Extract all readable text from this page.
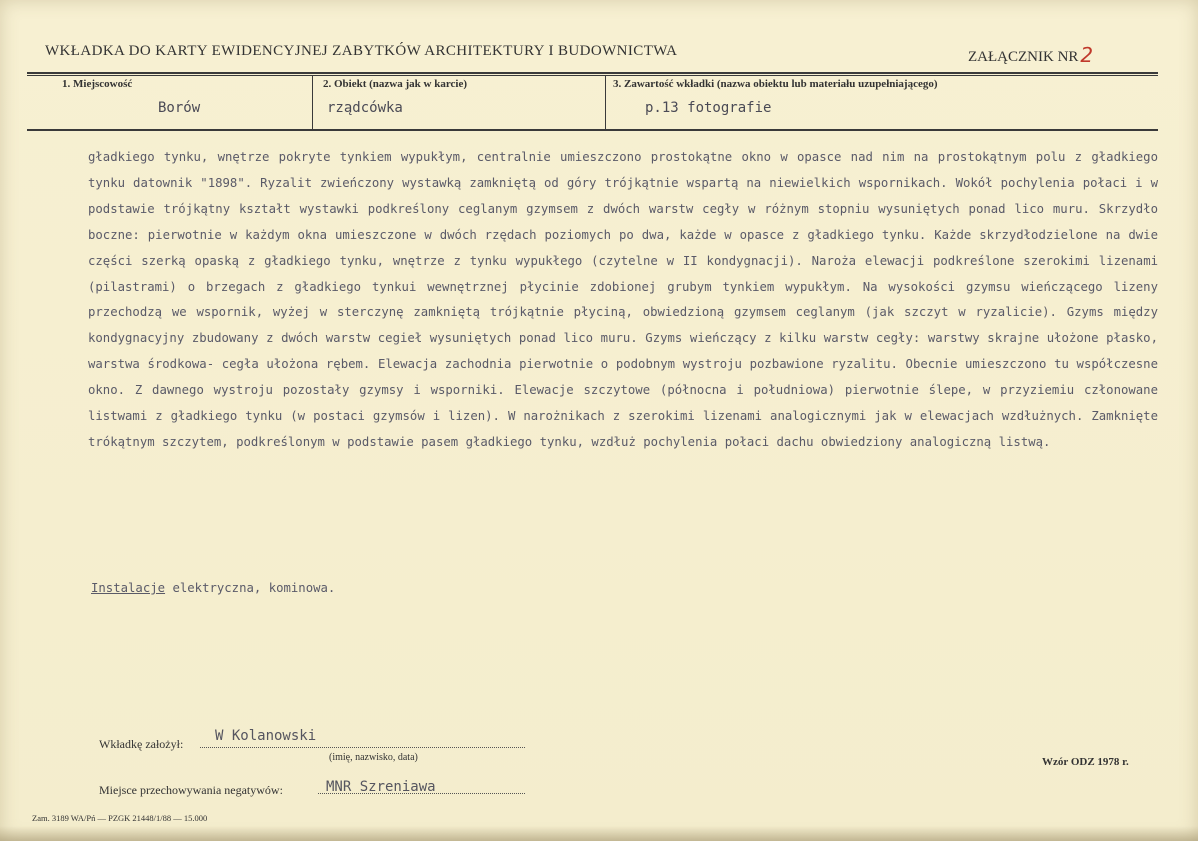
WKŁADKA DO KARTY EWIDENCYJNEJ ZABYTKÓW ARCHITEKTURY I BUDOWNICTWA	ZAŁĄCZNIK NR 2
1. Miejscowość
Borów
2. Obiekt (nazwa jak w karcie)
rządcówka
3. Zawartość wkładki (nazwa obiektu lub materiału uzupełniającego)
p.13 fotografie

gładkiego tynku, wnętrze pokryte tynkiem wypukłym, centralnie umieszczono prostokątne okno w opasce nad nim na prostokątnym polu z gładkiego tynku datownik "1898". Ryzalit zwieńczony wystawką zamkniętą od góry trójkątnie wspartą na niewielkich wspornikach. Wokół pochylenia połaci i w podstawie trójkątny kształt wystawki podkreślony ceglanym gzymsem z dwóch warstw cegły w różnym stopniu wysuniętych ponad lico muru. Skrzydło boczne: pierwotnie w każdym okna umieszczone w dwóch rzędach poziomych po dwa, każde w opasce z gładkiego tynku. Każde skrzydłodzielone na dwie części szerką opaską z gładkiego tynku, wnętrze z tynku wypukłego (czytelne w II kondygnacji). Naroża elewacji podkreślone szerokimi lizenami (pilastrami) o brzegach z gładkiego tynkui wewnętrznej płycinie zdobionej grubym tynkiem wypukłym. Na wysokości gzymsu wieńczącego lizeny przechodzą we wspornik, wyżej w sterczynę zamkniętą trójkątnie płyciną, obwiedzioną gzymsem ceglanym (jak szczyt w ryzalicie). Gzyms między kondygnacyjny zbudowany z dwóch warstw cegieł wysuniętych ponad lico muru. Gzyms wieńczący z kilku warstw cegły: warstwy skrajne ułożone płasko, warstwa środkowa- cegła ułożona rębem. Elewacja zachodnia pierwotnie o podobnym wystroju pozbawione ryzalitu. Obecnie umieszczono tu współczesne okno. Z dawnego wystroju pozostały gzymsy i wsporniki. Elewacje szczytowe (północna i południowa) pierwotnie ślepe, w przyziemiu członowane listwami z gładkiego tynku (w postaci gzymsów i lizen). W narożnikach z szerokimi lizenami analogicznymi jak w elewacjach wzdłużnych. Zamknięte trókątnym szczytem, podkreślonym w podstawie pasem gładkiego tynku, wzdłuż pochylenia połaci dachu obwiedziony analogiczną listwą.

Instalacje elektryczna, kominowa.
Wkładkę założył: W Kolanowski
(imię, nazwisko, data)
Miejsce przechowywania negatywów:	MNR Szreniawa
Wzór ODZ 1978 r.
Zam. 3189 WA/Pń — PZGK 21448/1/88 — 15.000
